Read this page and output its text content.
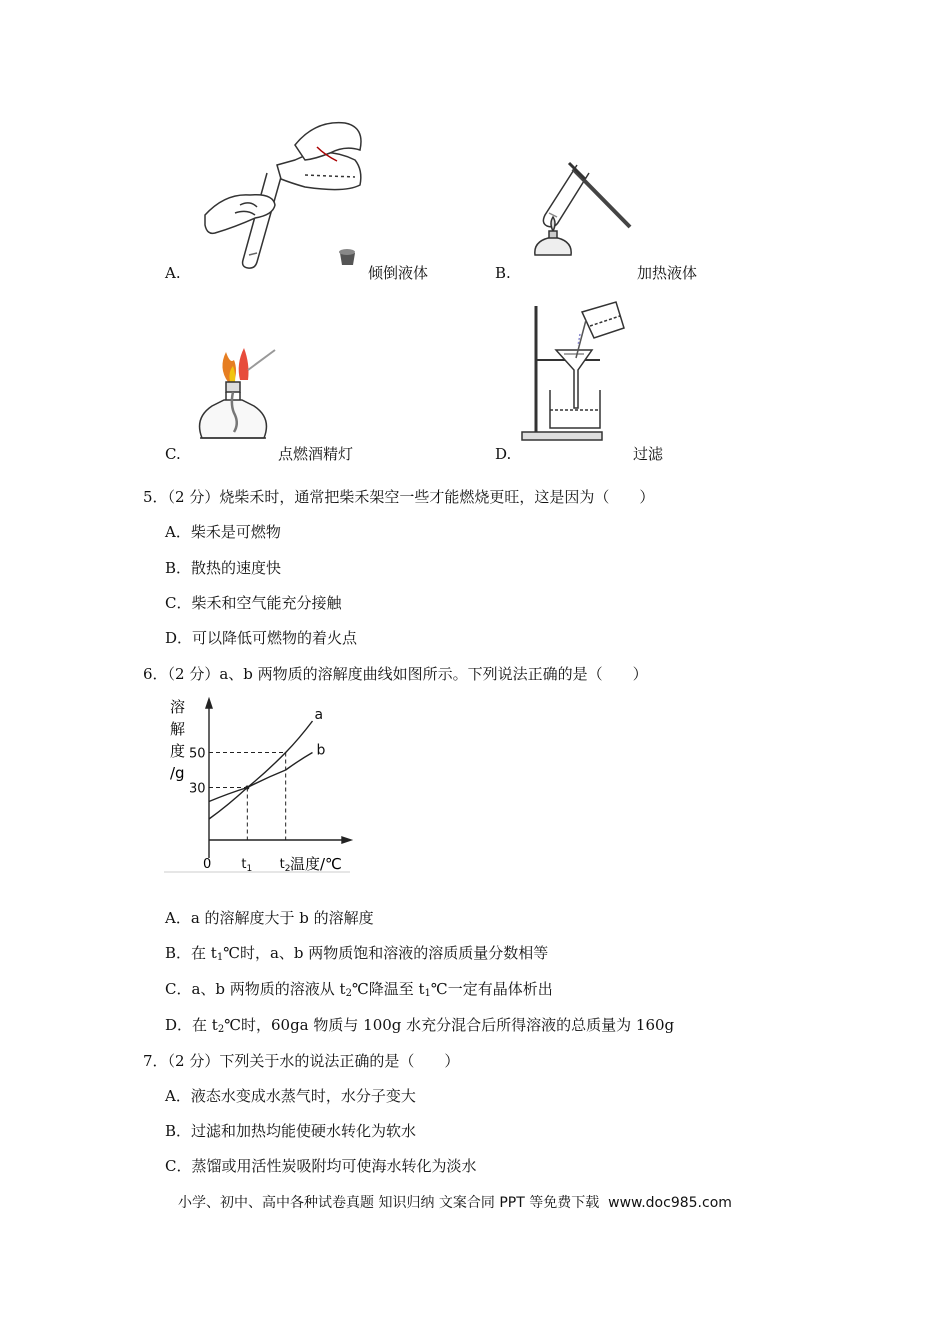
A.	倾倒液体	B.	加热液体
C.	点燃酒精灯	D.	过滤
5．（2 分）烧柴禾时，通常把柴禾架空一些才能燃烧更旺，这是因为（　　）
A．柴禾是可燃物
B．散热的速度快
C．柴禾和空气能充分接触
D．可以降低可燃物的着火点
6．（2 分）a、b 两物质的溶解度曲线如图所示。下列说法正确的是（　　）
30
50
$t_1$ $t_2$
a
b
溶
解
度
/g
0	温度/℃
A．a 的溶解度大于 b 的溶解度
B．在 $t_1℃$时，a、b 两物质饱和溶液的溶质质量分数相等
C．a、b 两物质的溶液从 $t_2℃$降温至 $t_1℃$一定有晶体析出
D．在 $t_2℃$时，60ga 物质与 100g 水充分混合后所得溶液的总质量为 160g
7．（2 分）下列关于水的说法正确的是（　　）
A．液态水变成水蒸气时，水分子变大
B．过滤和加热均能使硬水转化为软水
C．蒸馏或用活性炭吸附均可使海水转化为淡水
小学、初中、高中各种试卷真题 知识归纳 文案合同 PPT 等免费下载 www.doc985.com
